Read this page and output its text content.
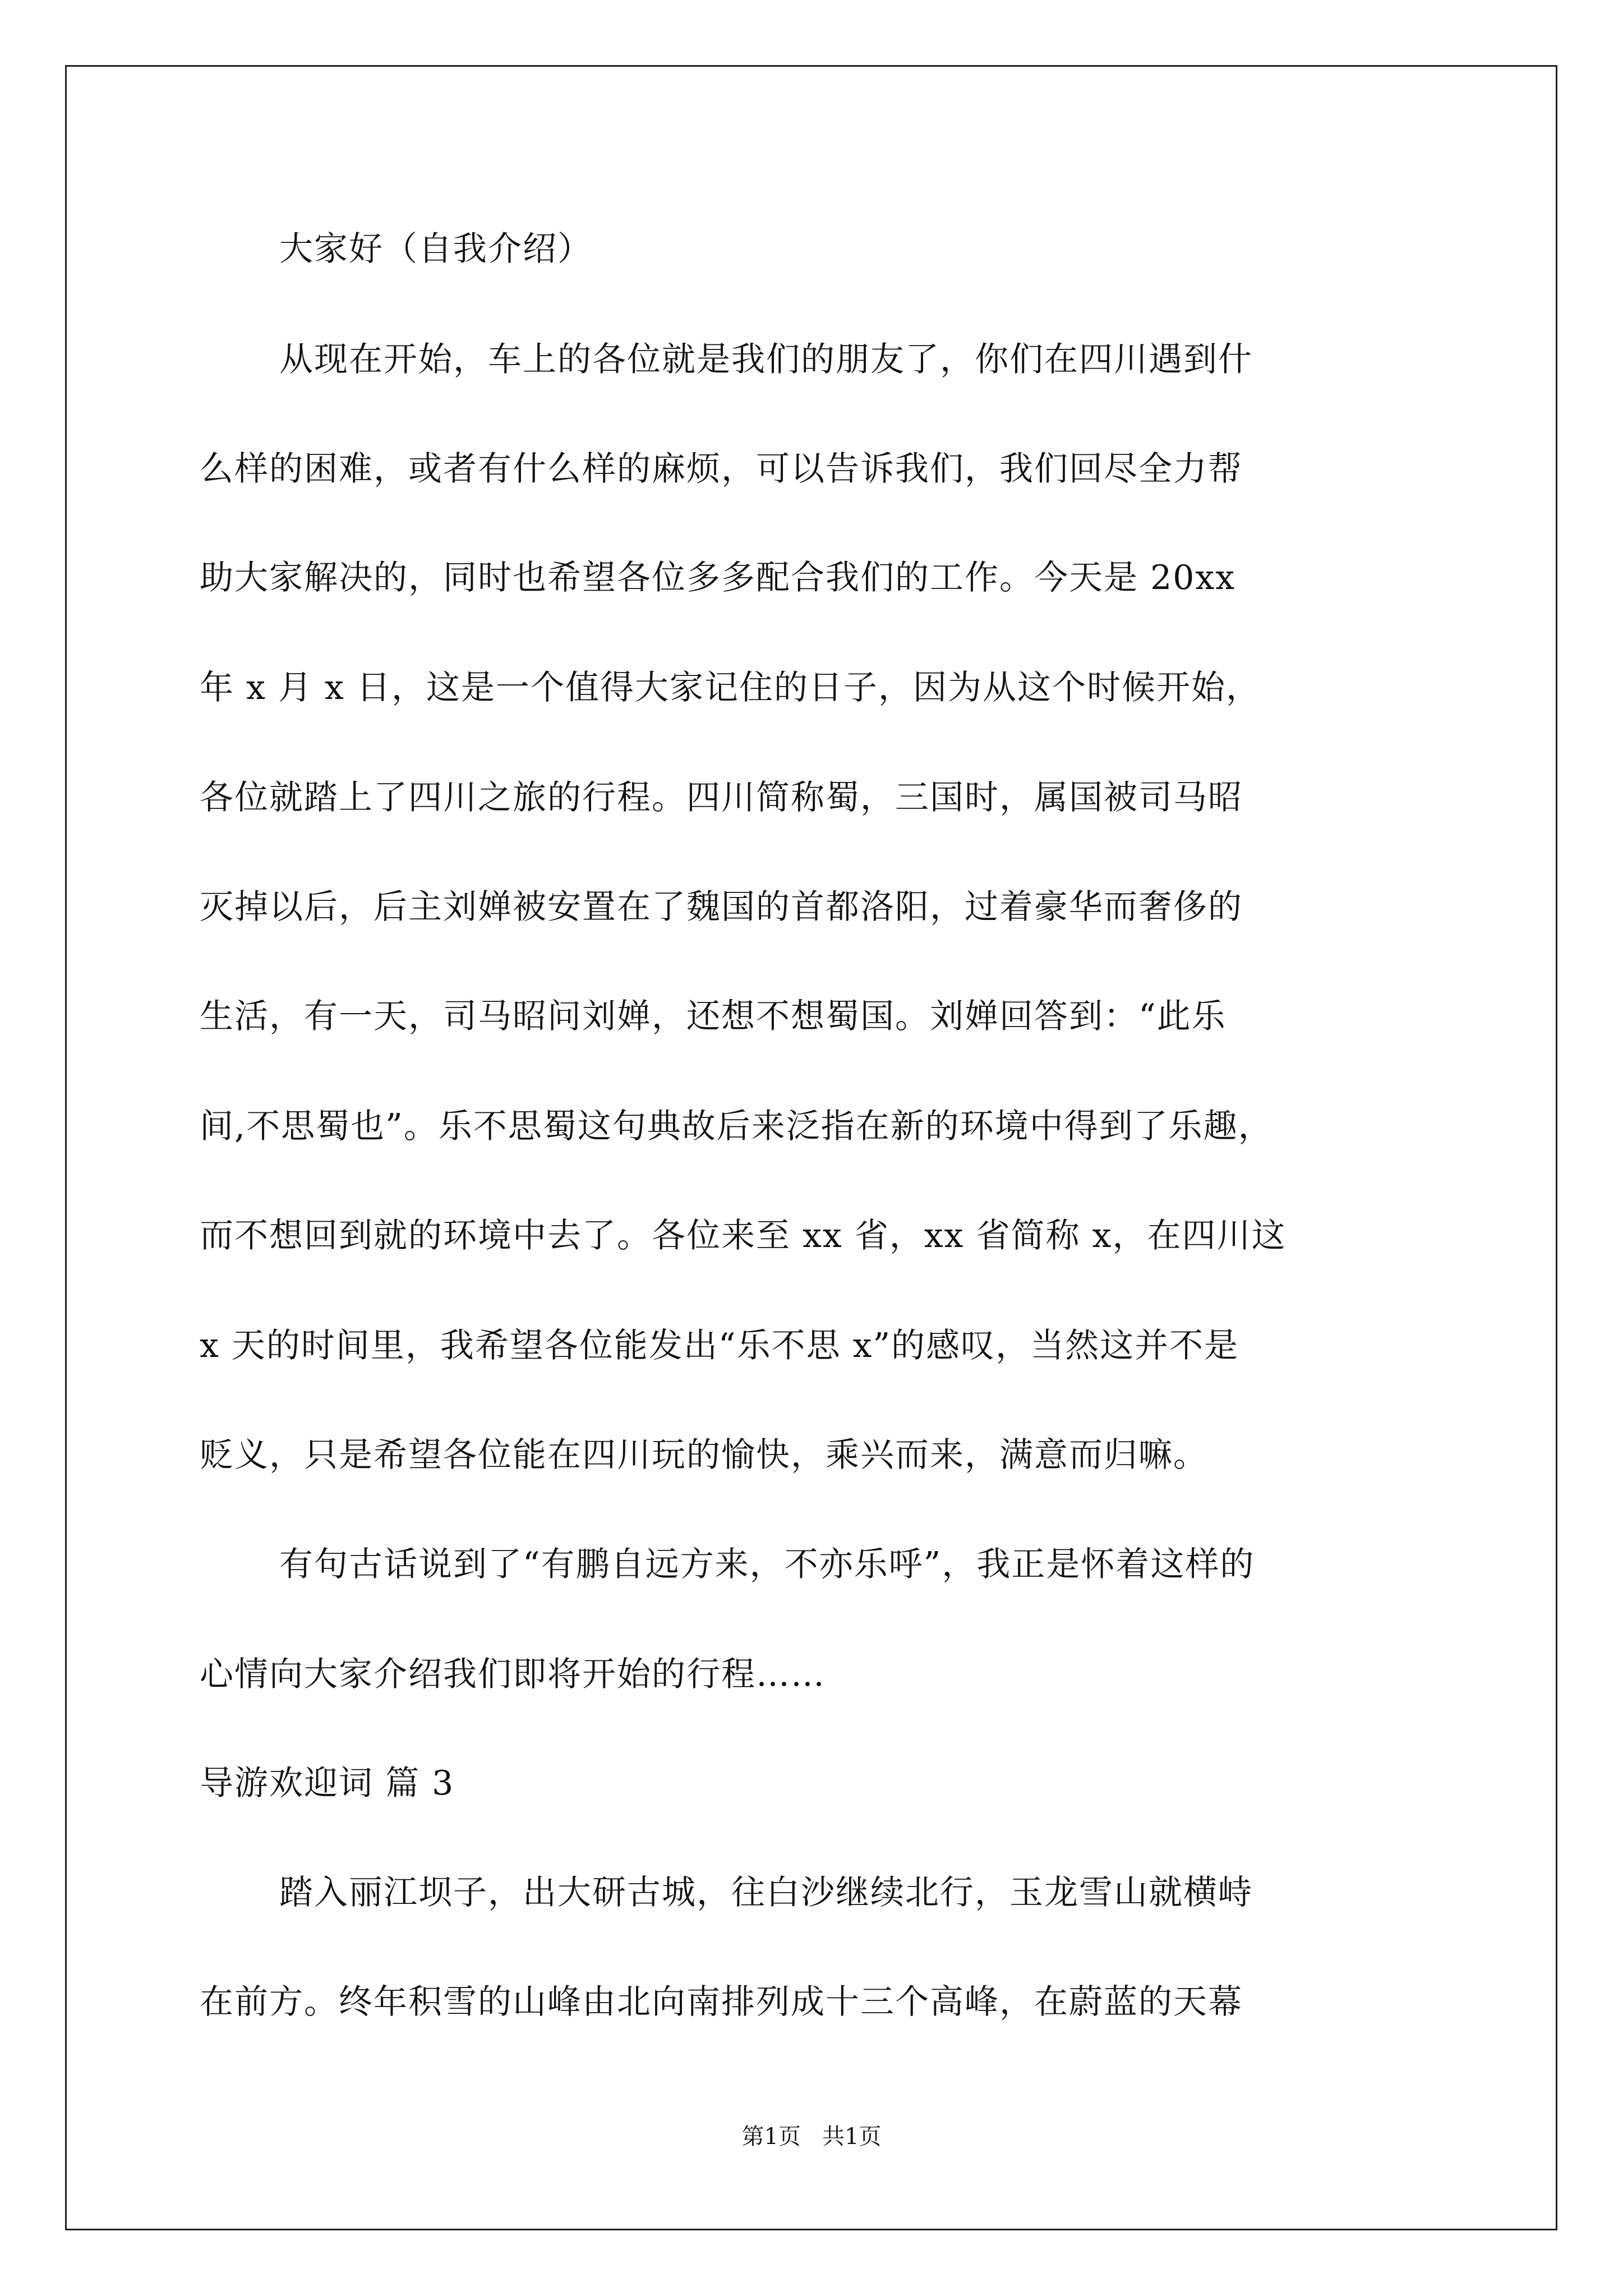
大家好（自我介绍）
从现在开始，车上的各位就是我们的朋友了，你们在四川遇到什
么样的困难，或者有什么样的麻烦，可以告诉我们，我们回尽全力帮
助大家解决的，同时也希望各位多多配合我们的工作。今天是 20xx
年 x 月 x 日，这是一个值得大家记住的日子，因为从这个时候开始，
各位就踏上了四川之旅的行程。四川简称蜀，三国时，属国被司马昭
灭掉以后，后主刘婵被安置在了魏国的首都洛阳，过着豪华而奢侈的
生活，有一天，司马昭问刘婵，还想不想蜀国。刘婵回答到：“此乐
间,不思蜀也”。乐不思蜀这句典故后来泛指在新的环境中得到了乐趣，
而不想回到就的环境中去了。各位来至 xx 省，xx 省简称 x，在四川这
x 天的时间里，我希望各位能发出“乐不思 x”的感叹，当然这并不是
贬义，只是希望各位能在四川玩的愉快，乘兴而来，满意而归嘛。
有句古话说到了“有鹏自远方来，不亦乐呼”，我正是怀着这样的
心情向大家介绍我们即将开始的行程……
导游欢迎词 篇 3
踏入丽江坝子，出大研古城，往白沙继续北行，玉龙雪山就横峙
在前方。终年积雪的山峰由北向南排列成十三个高峰，在蔚蓝的天幕
第1页   共1页
